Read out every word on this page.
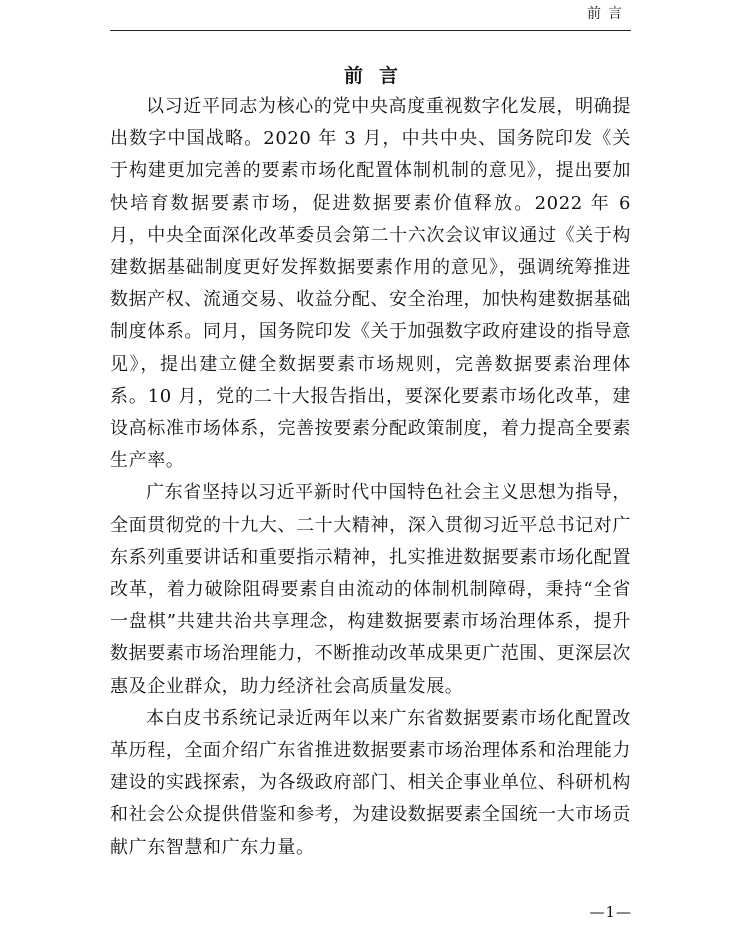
前言
前言

以习近平同志为核心的党中央高度重视数字化发展，明确提出数字中国战略。2020 年 3 月，中共中央、国务院印发《关于构建更加完善的要素市场化配置体制机制的意见》，提出要加快培育数据要素市场，促进数据要素价值释放。2022 年 6 月，中央全面深化改革委员会第二十六次会议审议通过《关于构建数据基础制度更好发挥数据要素作用的意见》，强调统筹推进数据产权、流通交易、收益分配、安全治理，加快构建数据基础制度体系。同月，国务院印发《关于加强数字政府建设的指导意见》，提出建立健全数据要素市场规则，完善数据要素治理体系。10 月，党的二十大报告指出，要深化要素市场化改革，建设高标准市场体系，完善按要素分配政策制度，着力提高全要素生产率。

广东省坚持以习近平新时代中国特色社会主义思想为指导，全面贯彻党的十九大、二十大精神，深入贯彻习近平总书记对广东系列重要讲话和重要指示精神，扎实推进数据要素市场化配置改革，着力破除阻碍要素自由流动的体制机制障碍，秉持“全省一盘棋”共建共治共享理念，构建数据要素市场治理体系，提升数据要素市场治理能力，不断推动改革成果更广范围、更深层次惠及企业群众，助力经济社会高质量发展。

本白皮书系统记录近两年以来广东省数据要素市场化配置改革历程，全面介绍广东省推进数据要素市场治理体系和治理能力建设的实践探索，为各级政府部门、相关企事业单位、科研机构和社会公众提供借鉴和参考，为建设数据要素全国统一大市场贡献广东智慧和广东力量。

—1—
